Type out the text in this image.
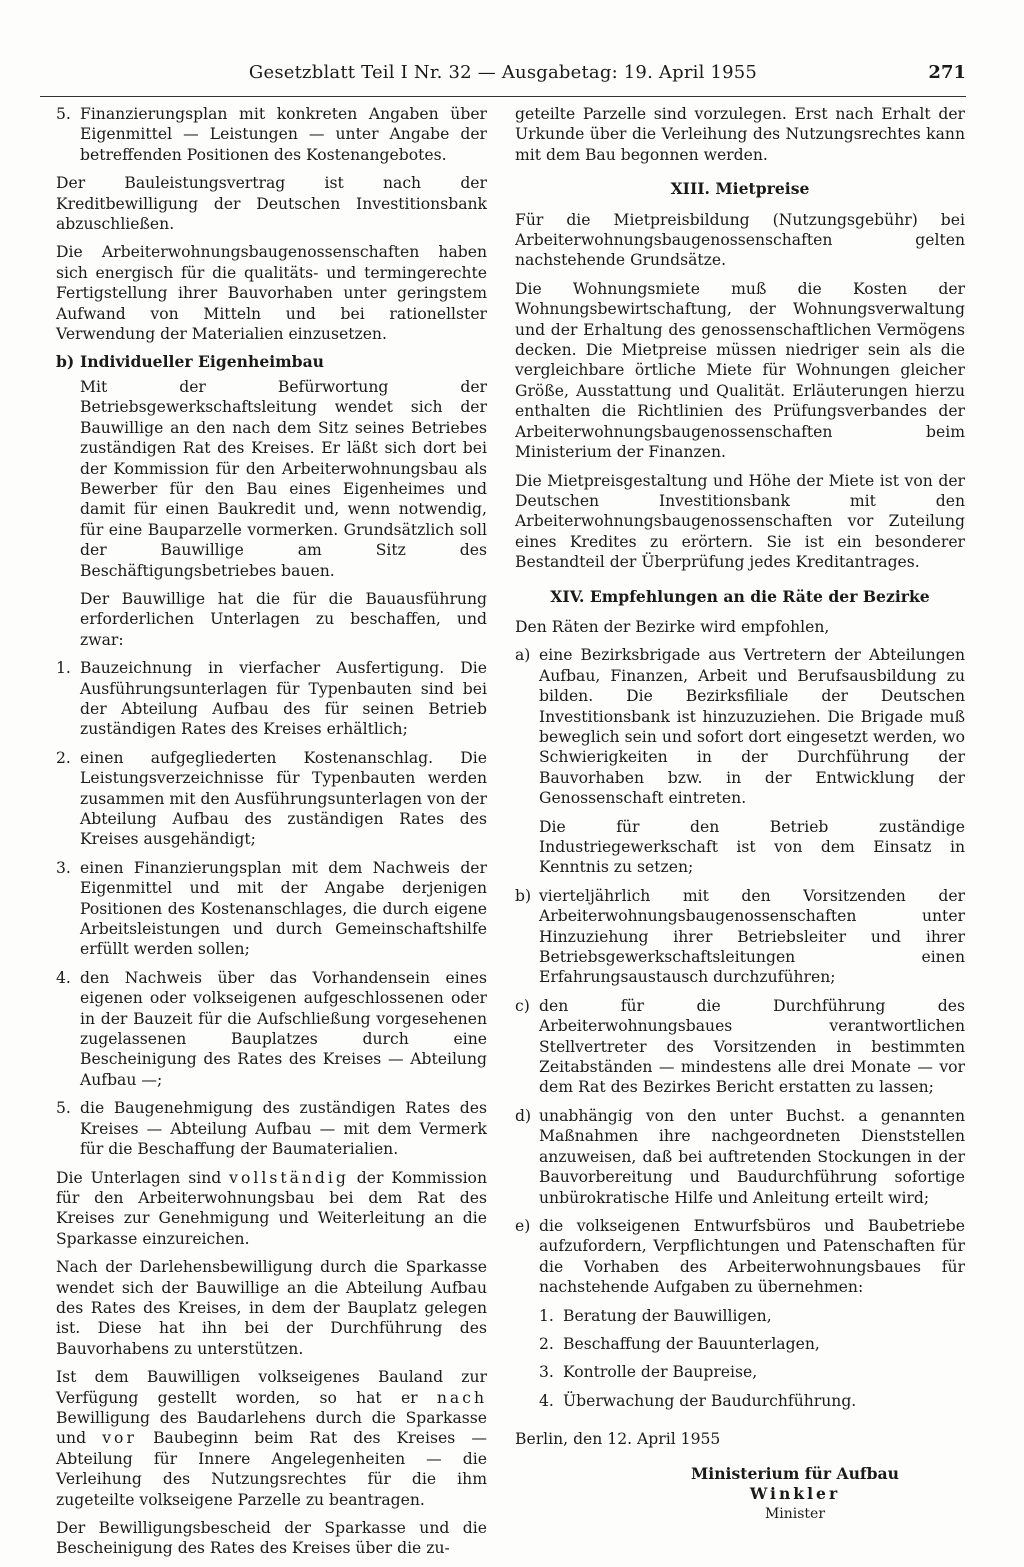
Gesetzblatt Teil I Nr. 32 — Ausgabetag: 19. April 1955	271
5. Finanzierungsplan mit konkreten Angaben über Eigenmittel — Leistungen — unter Angabe der betreffenden Positionen des Kostenangebotes.

Der Bauleistungsvertrag ist nach der Kreditbewilligung der Deutschen Investitionsbank abzuschließen.

Die Arbeiterwohnungsbaugenossenschaften haben sich energisch für die qualitäts- und termingerechte Fertigstellung ihrer Bauvorhaben unter geringstem Aufwand von Mitteln und bei rationellster Verwendung der Materialien einzusetzen.

b) Individueller Eigenheimbau

Mit der Befürwortung der Betriebsgewerkschaftsleitung wendet sich der Bauwillige an den nach dem Sitz seines Betriebes zuständigen Rat des Kreises. Er läßt sich dort bei der Kommission für den Arbeiterwohnungsbau als Bewerber für den Bau eines Eigenheimes und damit für einen Baukredit und, wenn notwendig, für eine Bauparzelle vormerken. Grundsätzlich soll der Bauwillige am Sitz des Beschäftigungsbetriebes bauen.

Der Bauwillige hat die für die Bauausführung erforderlichen Unterlagen zu beschaffen, und zwar:

1. Bauzeichnung in vierfacher Ausfertigung. Die Ausführungsunterlagen für Typenbauten sind bei der Abteilung Aufbau des für seinen Betrieb zuständigen Rates des Kreises erhältlich;
2. einen aufgegliederten Kostenanschlag. Die Leistungsverzeichnisse für Typenbauten werden zusammen mit den Ausführungsunterlagen von der Abteilung Aufbau des zuständigen Rates des Kreises ausgehändigt;
3. einen Finanzierungsplan mit dem Nachweis der Eigenmittel und mit der Angabe derjenigen Positionen des Kostenanschlages, die durch eigene Arbeitsleistungen und durch Gemeinschaftshilfe erfüllt werden sollen;
4. den Nachweis über das Vorhandensein eines eigenen oder volkseigenen aufgeschlossenen oder in der Bauzeit für die Aufschließung vorgesehenen zugelassenen Bauplatzes durch eine Bescheinigung des Rates des Kreises — Abteilung Aufbau —;
5. die Baugenehmigung des zuständigen Rates des Kreises — Abteilung Aufbau — mit dem Vermerk für die Beschaffung der Baumaterialien.

Die Unterlagen sind vollständig der Kommission für den Arbeiterwohnungsbau bei dem Rat des Kreises zur Genehmigung und Weiterleitung an die Sparkasse einzureichen.

Nach der Darlehensbewilligung durch die Sparkasse wendet sich der Bauwillige an die Abteilung Aufbau des Rates des Kreises, in dem der Bauplatz gelegen ist. Diese hat ihn bei der Durchführung des Bauvorhabens zu unterstützen.

Ist dem Bauwilligen volkseigenes Bauland zur Verfügung gestellt worden, so hat er nach Bewilligung des Baudarlehens durch die Sparkasse und vor Baubeginn beim Rat des Kreises — Abteilung für Innere Angelegenheiten — die Verleihung des Nutzungsrechtes für die ihm zugeteilte volkseigene Parzelle zu beantragen.

Der Bewilligungsbescheid der Sparkasse und die Bescheinigung des Rates des Kreises über die zu-

geteilte Parzelle sind vorzulegen. Erst nach Erhalt der Urkunde über die Verleihung des Nutzungsrechtes kann mit dem Bau begonnen werden.

XIII. Mietpreise

Für die Mietpreisbildung (Nutzungsgebühr) bei Arbeiterwohnungsbaugenossenschaften gelten nachstehende Grundsätze.

Die Wohnungsmiete muß die Kosten der Wohnungsbewirtschaftung, der Wohnungsverwaltung und der Erhaltung des genossenschaftlichen Vermögens decken. Die Mietpreise müssen niedriger sein als die vergleichbare örtliche Miete für Wohnungen gleicher Größe, Ausstattung und Qualität. Erläuterungen hierzu enthalten die Richtlinien des Prüfungsverbandes der Arbeiterwohnungsbaugenossenschaften beim Ministerium der Finanzen.

Die Mietpreisgestaltung und Höhe der Miete ist von der Deutschen Investitionsbank mit den Arbeiterwohnungsbaugenossenschaften vor Zuteilung eines Kredites zu erörtern. Sie ist ein besonderer Bestandteil der Überprüfung jedes Kreditantrages.

XIV. Empfehlungen an die Räte der Bezirke

Den Räten der Bezirke wird empfohlen,

a) eine Bezirksbrigade aus Vertretern der Abteilungen Aufbau, Finanzen, Arbeit und Berufsausbildung zu bilden. Die Bezirksfiliale der Deutschen Investitionsbank ist hinzuzuziehen. Die Brigade muß beweglich sein und sofort dort eingesetzt werden, wo Schwierigkeiten in der Durchführung der Bauvorhaben bzw. in der Entwicklung der Genossenschaft eintreten.

Die für den Betrieb zuständige Industriegewerkschaft ist von dem Einsatz in Kenntnis zu setzen;

b) vierteljährlich mit den Vorsitzenden der Arbeiterwohnungsbaugenossenschaften unter Hinzuziehung ihrer Betriebsleiter und ihrer Betriebsgewerkschaftsleitungen einen Erfahrungsaustausch durchzuführen;
c) den für die Durchführung des Arbeiterwohnungsbaues verantwortlichen Stellvertreter des Vorsitzenden in bestimmten Zeitabständen — mindestens alle drei Monate — vor dem Rat des Bezirkes Bericht erstatten zu lassen;
d) unabhängig von den unter Buchst. a genannten Maßnahmen ihre nachgeordneten Dienststellen anzuweisen, daß bei auftretenden Stockungen in der Bauvorbereitung und Baudurchführung sofortige unbürokratische Hilfe und Anleitung erteilt wird;
e) die volkseigenen Entwurfsbüros und Baubetriebe aufzufordern, Verpflichtungen und Patenschaften für die Vorhaben des Arbeiterwohnungsbaues für nachstehende Aufgaben zu übernehmen:
1. Beratung der Bauwilligen,
2. Beschaffung der Bauunterlagen,
3. Kontrolle der Baupreise,
4. Überwachung der Baudurchführung.
Berlin, den 12. April 1955
Ministerium für Aufbau
Winkler
Minister
